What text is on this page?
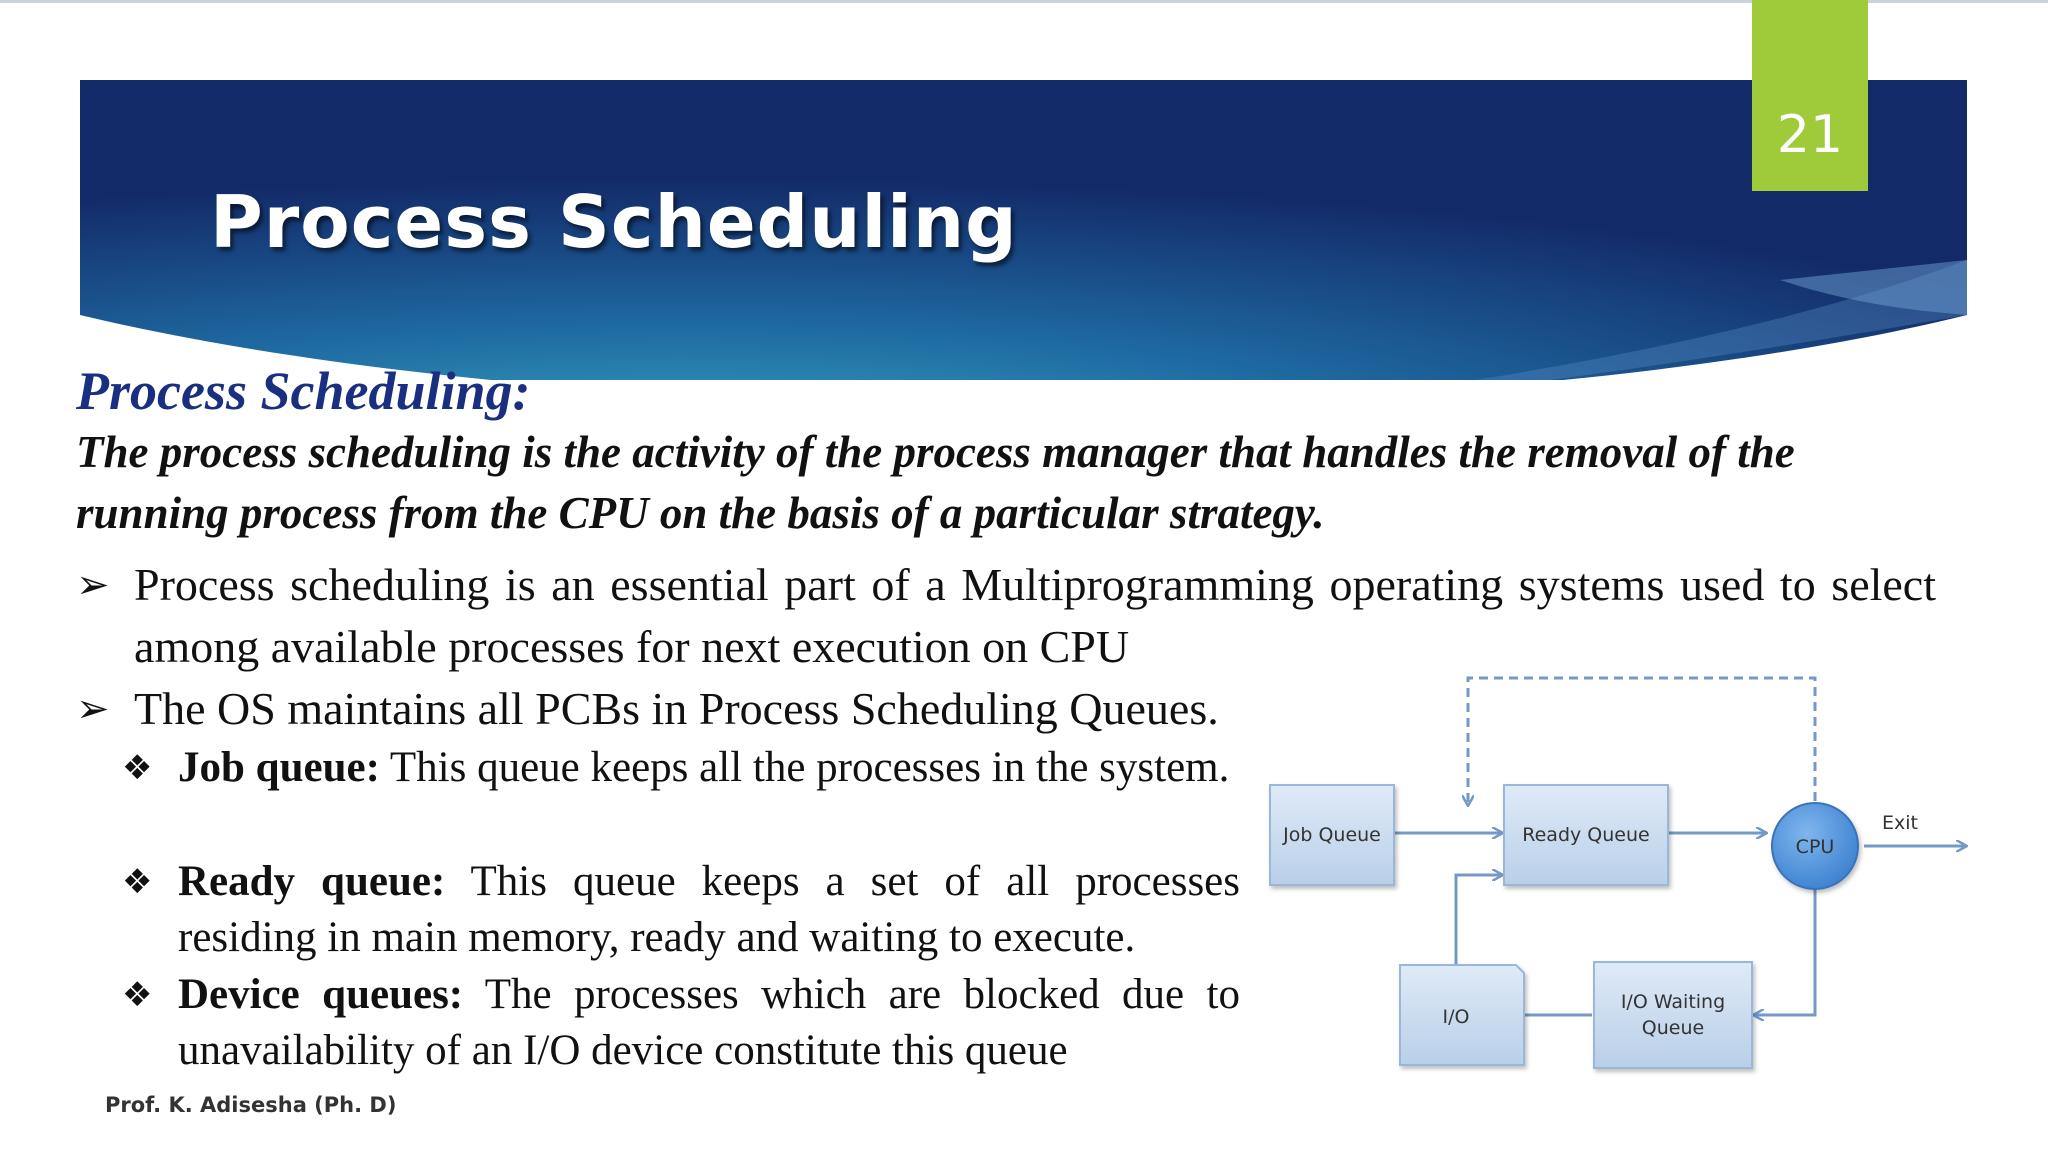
Process Scheduling
21

Process Scheduling:

The process scheduling is the activity of the process manager that handles the removal of the running process from the CPU on the basis of a particular strategy.

➢ Process scheduling is an essential part of a Multiprogramming operating systems used to select among available processes for next execution on CPU
➢ The OS maintains all PCBs in Process Scheduling Queues.
❖ Job queue: This queue keeps all the processes in the system.
❖ Ready queue: This queue keeps a set of all processes residing in main memory, ready and waiting to execute.
❖ Device queues: The processes which are blocked due to unavailability of an I/O device constitute this queue
Job Queue	Ready Queue
CPU
Exit
I/O
I/O Waiting
Queue
Prof. K. Adisesha (Ph. D)
